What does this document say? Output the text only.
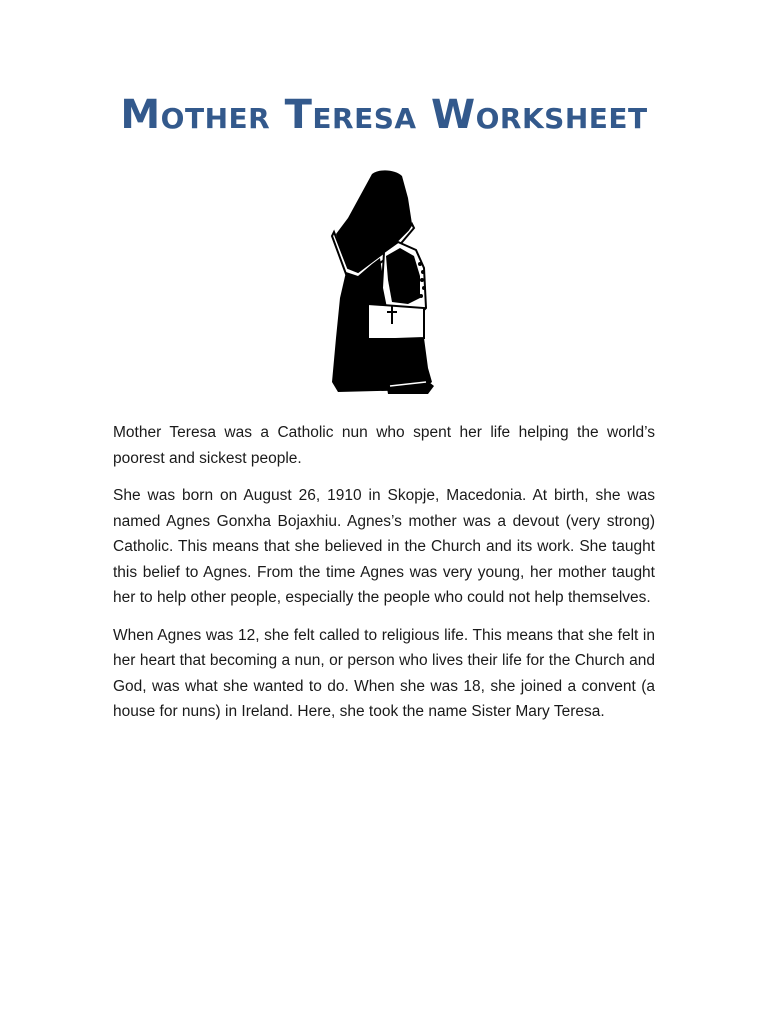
Mother Teresa Worksheet

Mother Teresa was a Catholic nun who spent her life helping the world’s poorest and sickest people.

She was born on August 26, 1910 in Skopje, Macedonia. At birth, she was named Agnes Gonxha Bojaxhiu. Agnes’s mother was a devout (very strong) Catholic. This means that she believed in the Church and its work. She taught this belief to Agnes. From the time Agnes was very young, her mother taught her to help other people, especially the people who could not help themselves.

When Agnes was 12, she felt called to religious life. This means that she felt in her heart that becoming a nun, or person who lives their life for the Church and God, was what she wanted to do. When she was 18, she joined a convent (a house for nuns) in Ireland. Here, she took the name Sister Mary Teresa.
